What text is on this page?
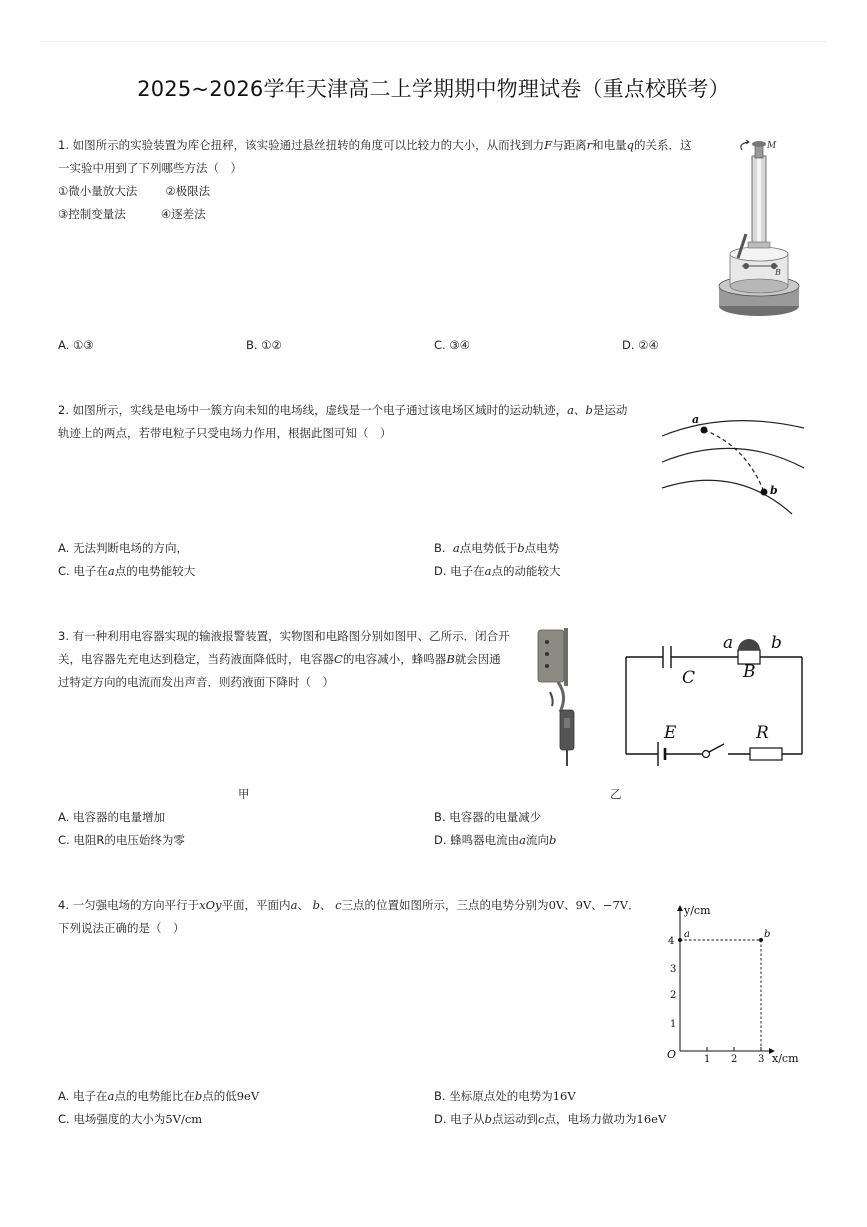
2025~2026学年天津高二上学期期中物理试卷（重点校联考）
1. 如图所示的实验装置为库仑扭秤，该实验通过悬丝扭转的角度可以比较力的大小，从而找到力F与距离r和电量q的关系．这
一实验中用到了下列哪些方法（　）
①微小量放大法 ②极限法
③控制变量法	④逐差法
M
B
A. ①③	B. ①②	C. ③④	D. ②④
2. 如图所示，实线是电场中一簇方向未知的电场线，虚线是一个电子通过该电场区域时的运动轨迹，a、b是运动
轨迹上的两点，若带电粒子只受电场力作用，根据此图可知（　）
a
b
A. 无法判断电场的方向，	B. a点电势低于b点电势
C. 电子在a点的电势能较大	D. 电子在a点的动能较大
3. 有一种利用电容器实现的输液报警装置，实物图和电路图分别如图甲、乙所示．闭合开
关，电容器先充电达到稳定，当药液面降低时，电容器C的电容减小，蜂鸣器B就会因通
过特定方向的电流而发出声音．则药液面下降时（　）
a b
C	B
E	R
甲	乙
A. 电容器的电量增加	B. 电容器的电量减少
C. 电阻R的电压始终为零	D. 蜂鸣器电流由a流向b
4. 一匀强电场的方向平行于xOy平面，平面内a、 b、 c三点的位置如图所示，三点的电势分别为0V、9V、−7V．
下列说法正确的是（　）
y/cm
x/cm
O	1 2 3
1
2
3
4
a	b
A. 电子在a点的电势能比在b点的低9eV	B. 坐标原点处的电势为16V
C. 电场强度的大小为5V/cm	D. 电子从b点运动到c点，电场力做功为16eV
